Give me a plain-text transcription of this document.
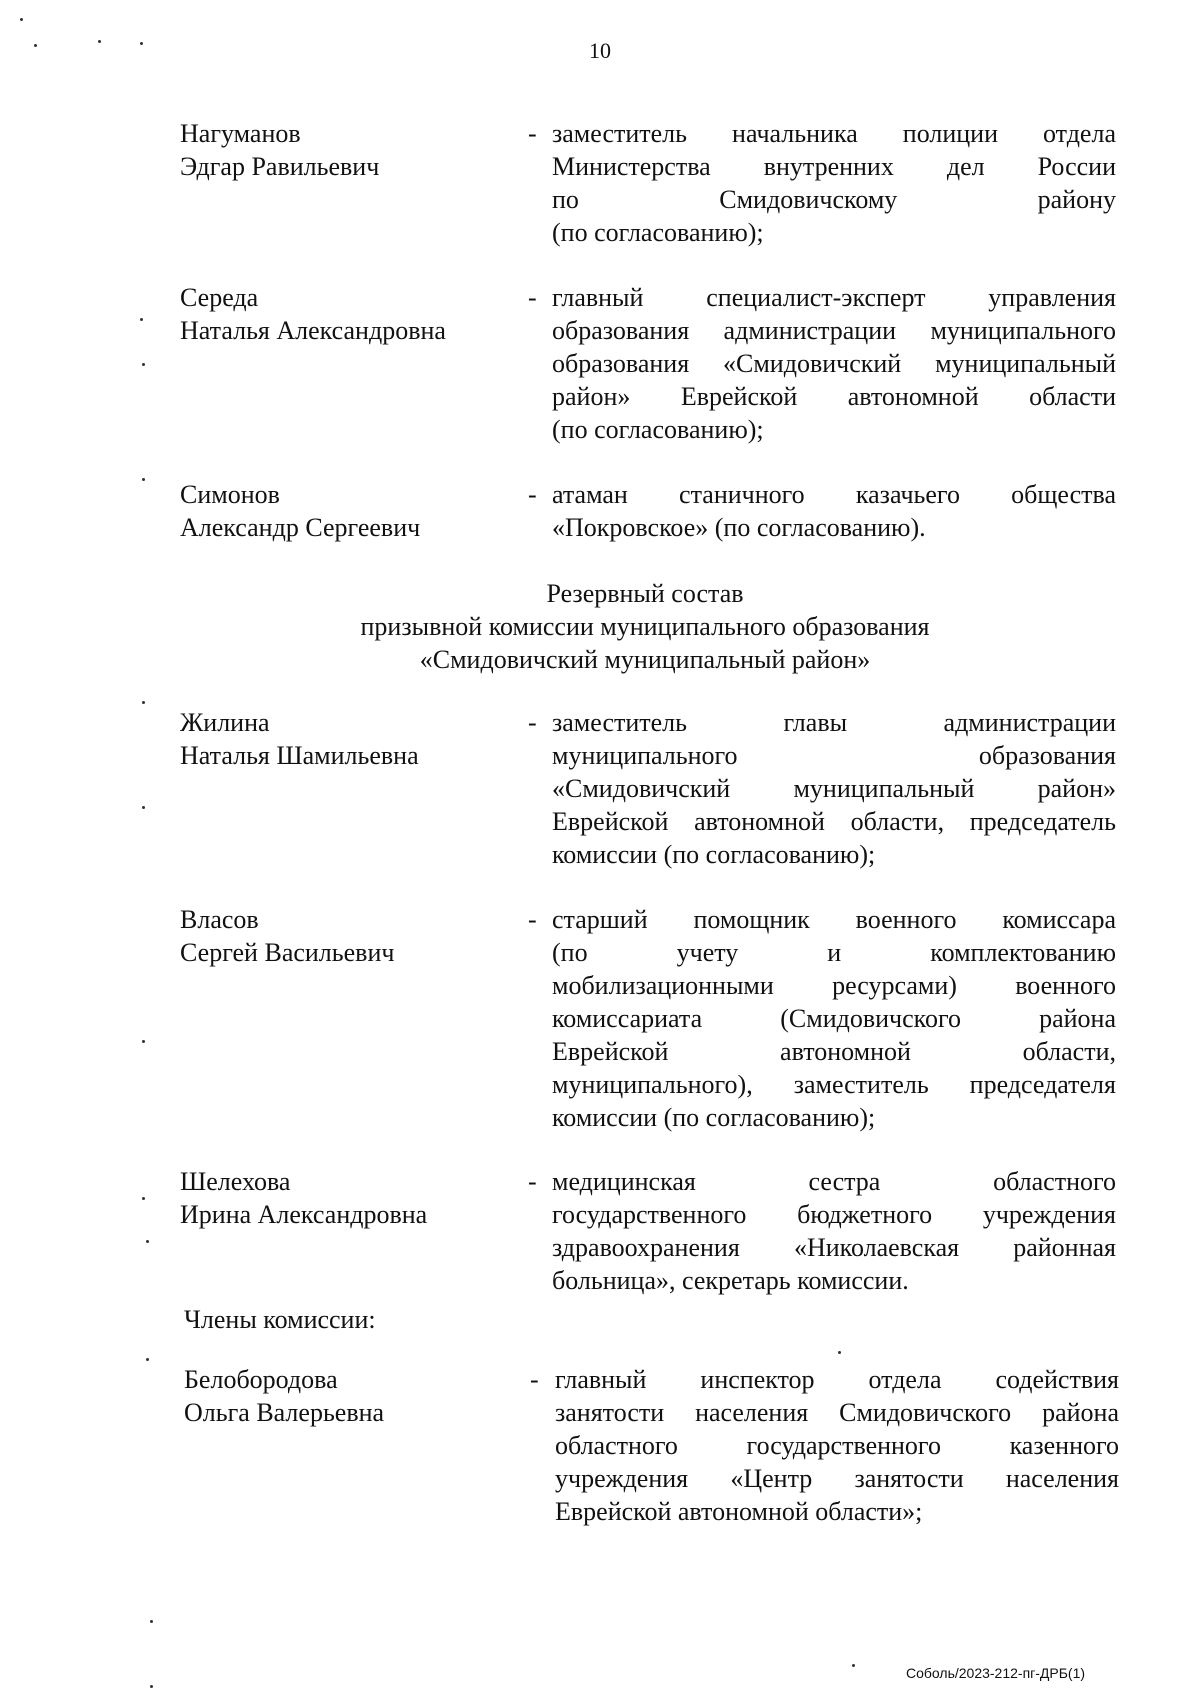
10
Нагуманов
Эдгар Равильевич
- заместитель начальника полиции отдела
Министерства внутренних дел России
по Смидовичскому району
(по согласованию);
Середа
Наталья Александровна
- главный специалист-эксперт управления
образования администрации муниципального
образования «Смидовичский муниципальный
район» Еврейской автономной области
(по согласованию);
Симонов
Александр Сергеевич
- атаман станичного казачьего общества
«Покровское» (по согласованию).
Резервный состав
призывной комиссии муниципального образования
«Смидовичский муниципальный район»
Жилина
Наталья Шамильевна
- заместитель главы администрации
муниципального образования
«Смидовичский муниципальный район»
Еврейской автономной области, председатель
комиссии (по согласованию);
Власов
Сергей Васильевич
- старший помощник военного комиссара
(по учету и комплектованию
мобилизационными ресурсами) военного
комиссариата (Смидовичского района
Еврейской автономной области,
муниципального), заместитель председателя
комиссии (по согласованию);
Шелехова
Ирина Александровна
- медицинская сестра областного
государственного бюджетного учреждения
здравоохранения «Николаевская районная
больница», секретарь комиссии.
Члены комиссии:
Белобородова
Ольга Валерьевна
- главный инспектор отдела содействия
занятости населения Смидовичского района
областного государственного казенного
учреждения «Центр занятости населения
Еврейской автономной области»;
Соболь/2023-212-пг-ДРБ(1)
